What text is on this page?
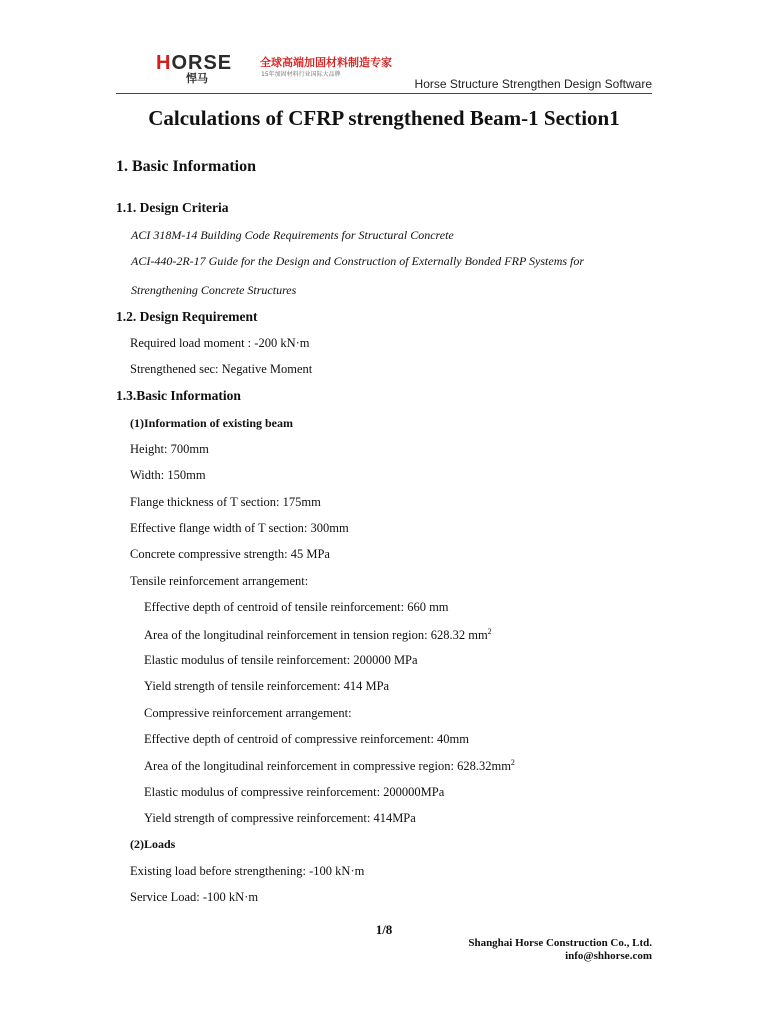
HORSE
悍马
全球高端加固材料制造专家
15年加固材料行业国际大品牌
Horse Structure Strengthen Design Software
Calculations of CFRP strengthened Beam-1 Section1
1. Basic Information
1.1. Design Criteria
ACI 318M-14 Building Code Requirements for Structural Concrete
ACI-440-2R-17 Guide for the Design and Construction of Externally Bonded FRP Systems for
Strengthening Concrete Structures
1.2. Design Requirement
Required load moment : -200 kN·m
Strengthened sec: Negative Moment
1.3.Basic Information
(1)Information of existing beam
Height: 700mm
Width: 150mm
Flange thickness of T section: 175mm
Effective flange width of T section: 300mm
Concrete compressive strength: 45 MPa
Tensile reinforcement arrangement:
Effective depth of centroid of tensile reinforcement: 660 mm
Area of the longitudinal reinforcement in tension region: 628.32 $mm^2$
Elastic modulus of tensile reinforcement: 200000 MPa
Yield strength of tensile reinforcement: 414 MPa
Compressive reinforcement arrangement:
Effective depth of centroid of compressive reinforcement: 40mm
Area of the longitudinal reinforcement in compressive region: $628.32mm^2$
Elastic modulus of compressive reinforcement: 200000MPa
Yield strength of compressive reinforcement: 414MPa
(2)Loads
Existing load before strengthening: -100 kN·m
Service Load: -100 kN·m
1/8
Shanghai Horse Construction Co., Ltd.
info@shhorse.com
